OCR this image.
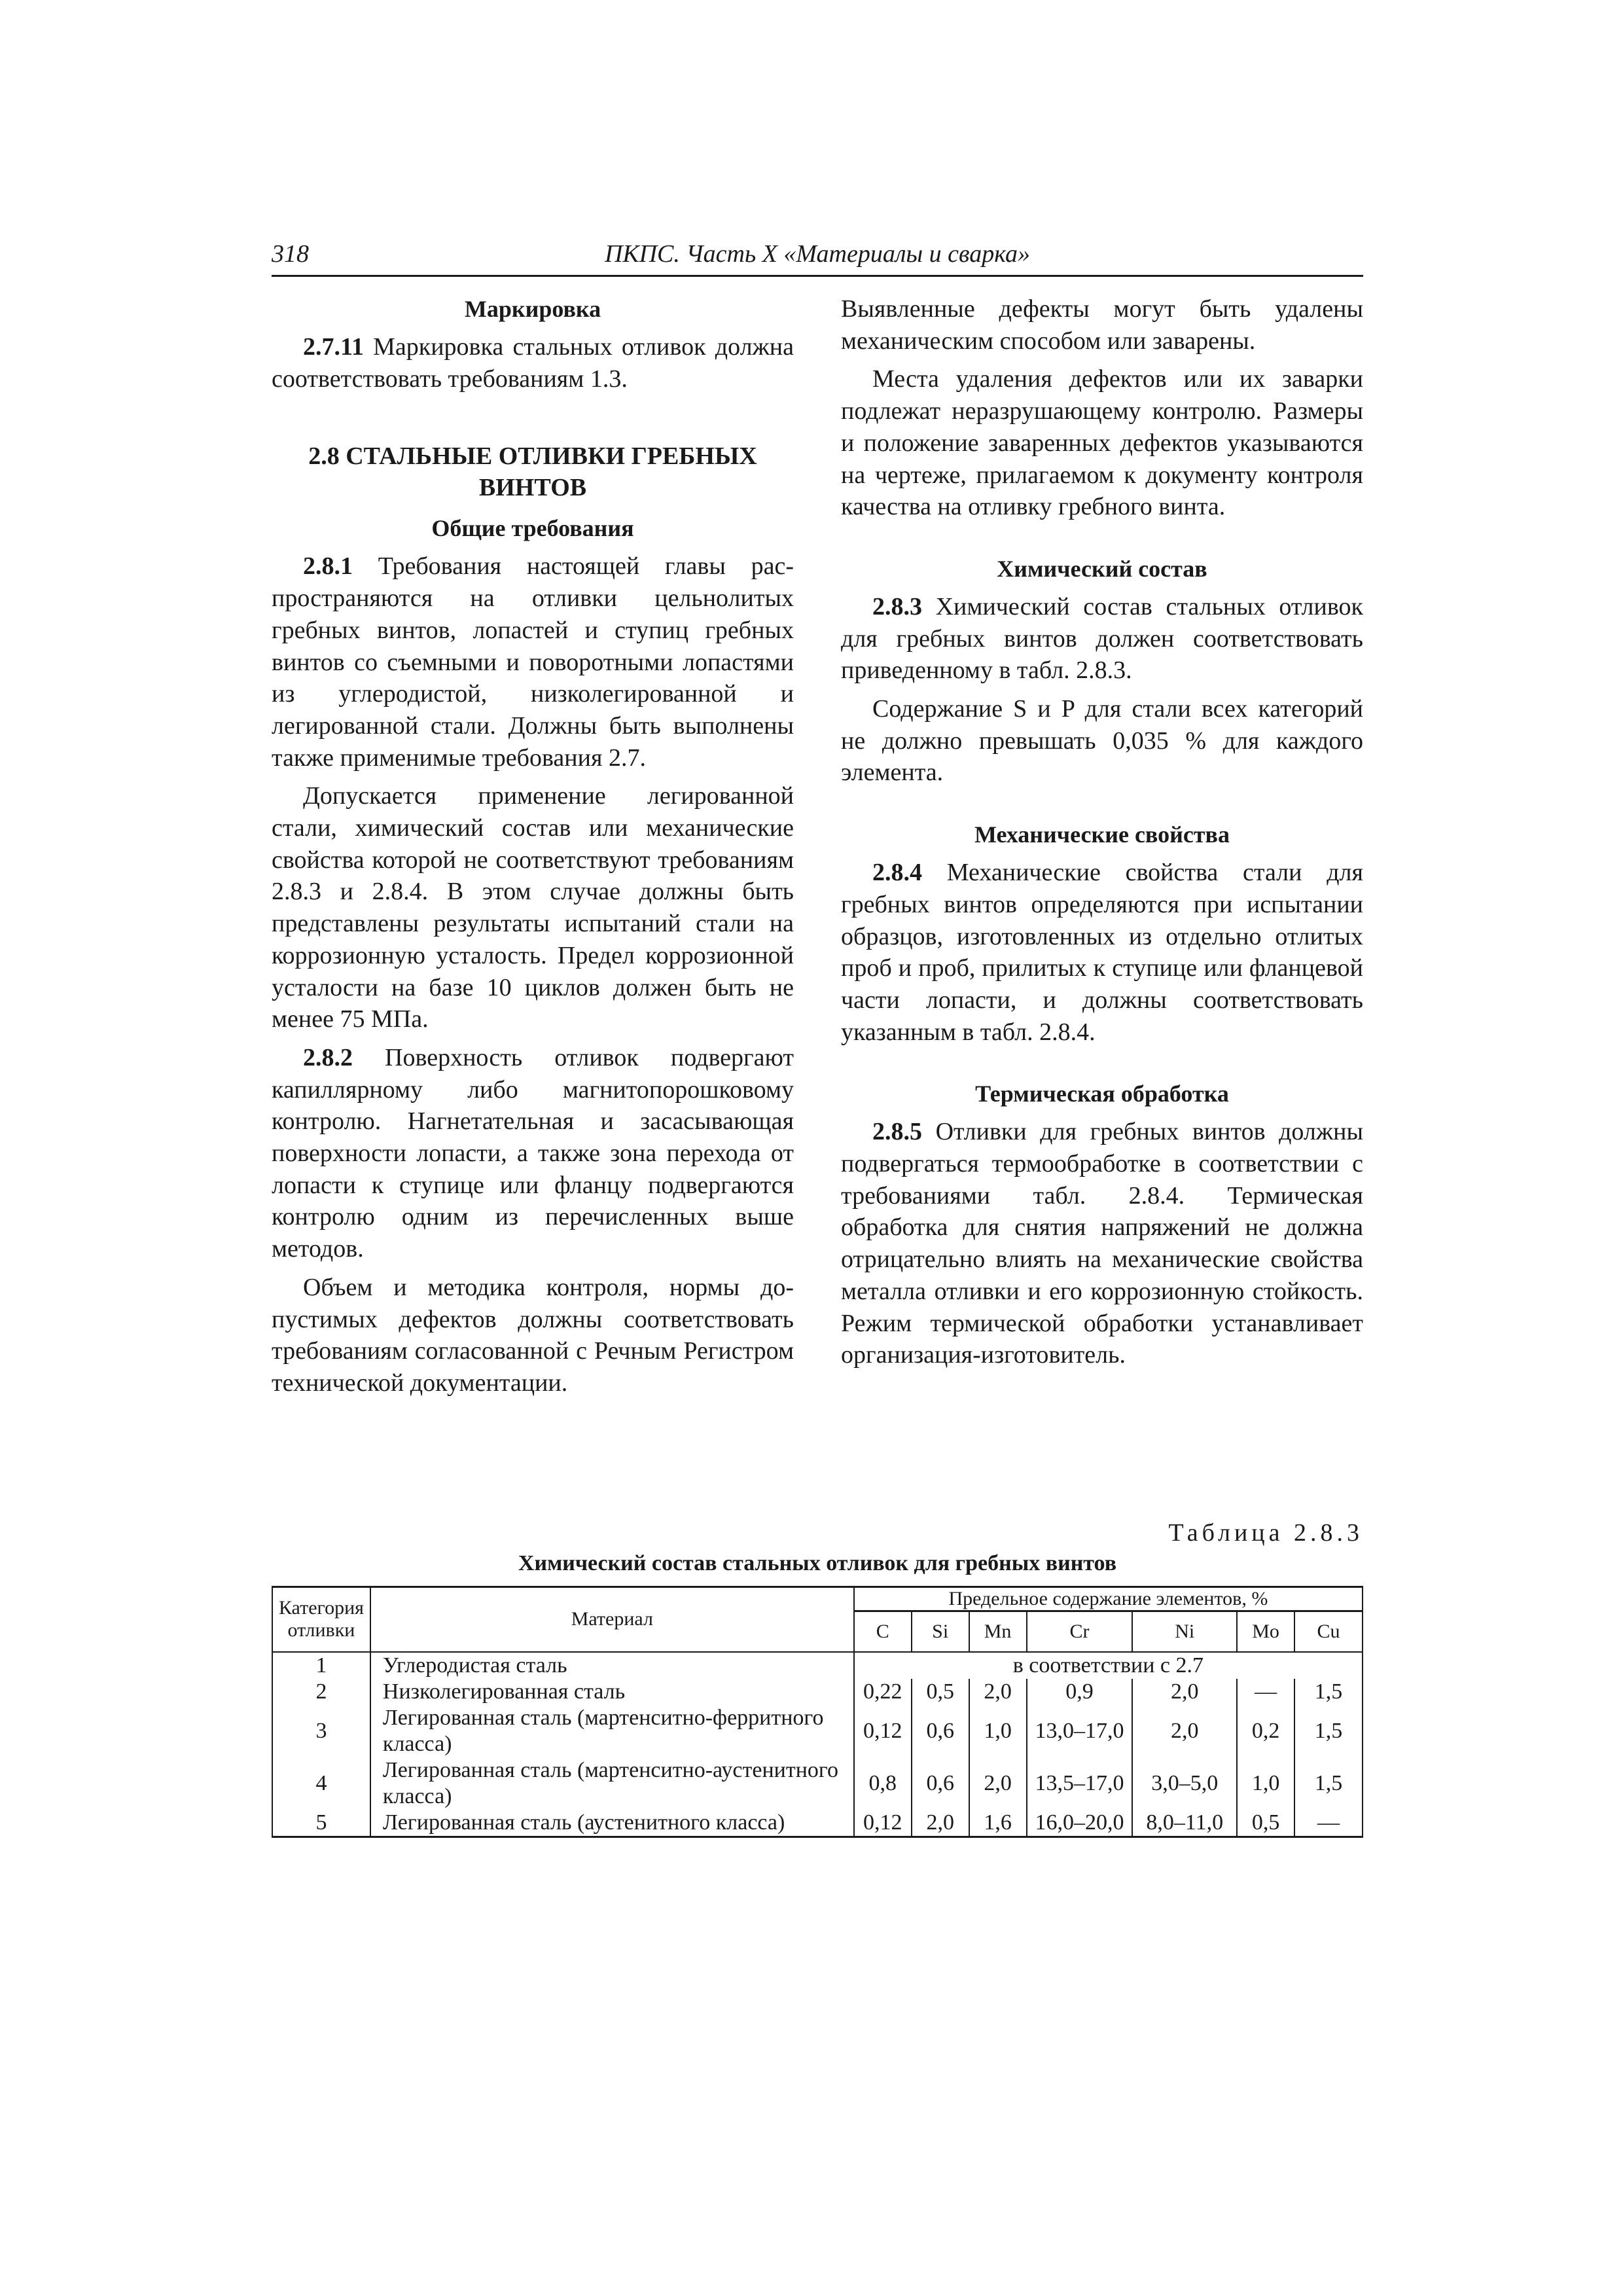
318	ПКПС. Часть X «Материалы и сварка»
Маркировка

2.7.11 Маркировка стальных отливок должна соответствовать требованиям 1.3.

2.8 СТАЛЬНЫЕ ОТЛИВКИ ГРЕБНЫХ
ВИНТОВ
Общие требования

2.8.1 Требования настоящей главы распространяются на отливки цельнолитых гребных винтов, лопастей и ступиц гребных винтов со съемными и поворотными лопастями из углеродистой, низколегированной и легированной стали. Должны быть выполнены также применимые требования 2.7.

Допускается применение легированной стали, химический состав или механические свойства которой не соответствуют требованиям 2.8.3 и 2.8.4. В этом случае должны быть представлены результаты испытаний стали на коррозионную усталость. Предел коррозионной усталости на базе 10 циклов должен быть не менее 75 МПа.

2.8.2 Поверхность отливок подвергают капиллярному либо магнитопорошковому контролю. Нагнетательная и засасывающая поверхности лопасти, а также зона перехода от лопасти к ступице или фланцу подвергаются контролю одним из перечисленных выше методов.

Объем и методика контроля, нормы допустимых дефектов должны соответствовать требованиям согласованной с Речным Регистром технической документации.

Выявленные дефекты могут быть удалены механическим способом или заварены.

Места удаления дефектов или их заварки подлежат неразрушающему контролю. Размеры и положение заваренных дефектов указываются на чертеже, прилагаемом к документу контроля качества на отливку гребного винта.

Химический состав

2.8.3 Химический состав стальных отливок для гребных винтов должен соответствовать приведенному в табл. 2.8.3.

Содержание S и P для стали всех категорий не должно превышать 0,035 % для каждого элемента.

Механические свойства

2.8.4 Механические свойства стали для гребных винтов определяются при испытании образцов, изготовленных из отдельно отлитых проб и проб, прилитых к ступице или фланцевой части лопасти, и должны соответствовать указанным в табл. 2.8.4.

Термическая обработка

2.8.5 Отливки для гребных винтов должны подвергаться термообработке в соответствии с требованиями табл. 2.8.4. Термическая обработка для снятия напряжений не должна отрицательно влиять на механические свойства металла отливки и его коррозионную стойкость. Режим термической обработки устанавливает организация-изготовитель.

Таблица 2.8.3
Химический состав стальных отливок для гребных винтов
Категория отливки	Материал	Предельное содержание элементов, %						
		C	Si	Mn	Cr	Ni	Mo	Cu
1	Углеродистая сталь	в соответствии с 2.7						
2	Низколегированная сталь	0,22	0,5	2,0	0,9	2,0	—	1,5
3	Легированная сталь (мартенситно-ферритного класса)	0,12	0,6	1,0	13,0–17,0	2,0	0,2	1,5
4	Легированная сталь (мартенситно-аустенитного класса)	0,8	0,6	2,0	13,5–17,0	3,0–5,0	1,0	1,5
5	Легированная сталь (аустенитного класса)	0,12	2,0	1,6	16,0–20,0	8,0–11,0	0,5	—
